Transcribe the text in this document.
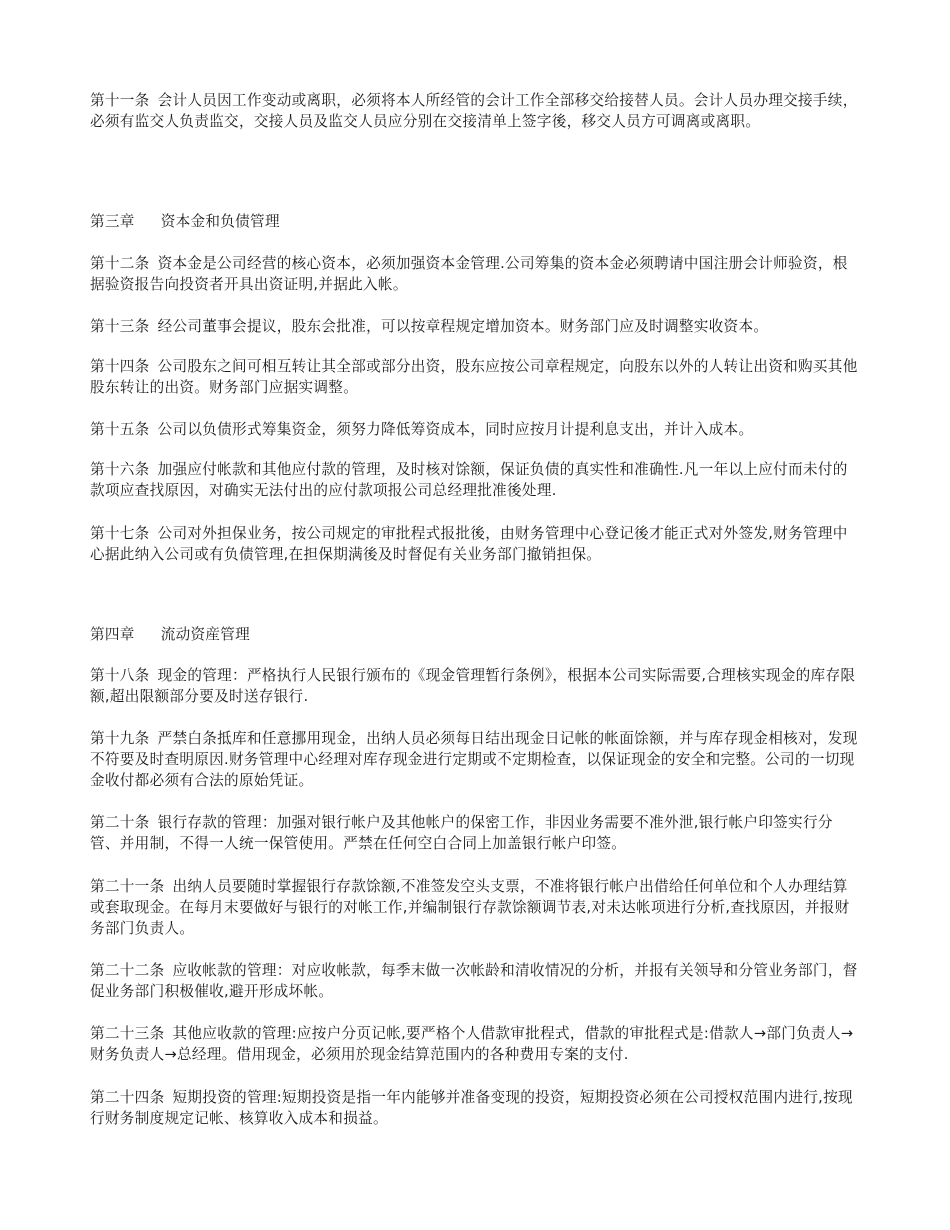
第十一条 会计人员因工作变动或离职，必须将本人所经管的会计工作全部移交给接替人员。会计人员办理交接手续，必须有监交人负责监交，交接人员及监交人员应分别在交接清单上签字後，移交人员方可调离或离职。

第三章 资本金和负债管理

第十二条 资本金是公司经营的核心资本，必须加强资本金管理.公司筹集的资本金必须聘请中国注册会计师验资，根据验资报告向投资者开具出资证明,并据此入帐。

第十三条 经公司董事会提议，股东会批准，可以按章程规定增加资本。财务部门应及时调整实收资本。

第十四条 公司股东之间可相互转让其全部或部分出资，股东应按公司章程规定，向股东以外的人转让出资和购买其他股东转让的出资。财务部门应据实调整。

第十五条 公司以负债形式筹集资金，须努力降低筹资成本，同时应按月计提利息支出，并计入成本。

第十六条 加强应付帐款和其他应付款的管理，及时核对馀额，保证负债的真实性和准确性.凡一年以上应付而未付的款项应查找原因，对确实无法付出的应付款项报公司总经理批准後处理.

第十七条 公司对外担保业务，按公司规定的审批程式报批後，由财务管理中心登记後才能正式对外签发,财务管理中心据此纳入公司或有负债管理,在担保期满後及时督促有关业务部门撤销担保。

第四章 流动资産管理

第十八条 现金的管理：严格执行人民银行颁布的《现金管理暂行条例》，根据本公司实际需要,合理核实现金的库存限额,超出限额部分要及时送存银行.

第十九条 严禁白条抵库和任意挪用现金，出纳人员必须每日结出现金日记帐的帐面馀额，并与库存现金相核对，发现不符要及时查明原因.财务管理中心经理对库存现金进行定期或不定期检查，以保证现金的安全和完整。公司的一切现金收付都必须有合法的原始凭证。

第二十条 银行存款的管理：加强对银行帐户及其他帐户的保密工作，非因业务需要不准外泄,银行帐户印签实行分管、并用制，不得一人统一保管使用。严禁在任何空白合同上加盖银行帐户印签。

第二十一条 出纳人员要随时掌握银行存款馀额,不准签发空头支票，不准将银行帐户出借给任何单位和个人办理结算或套取现金。在每月末要做好与银行的对帐工作,并编制银行存款馀额调节表,对未达帐项进行分析,查找原因，并报财务部门负责人。

第二十二条 应收帐款的管理：对应收帐款，每季末做一次帐龄和清收情况的分析，并报有关领导和分管业务部门，督促业务部门积极催收,避开形成坏帐。

第二十三条 其他应收款的管理:应按户分页记帐,要严格个人借款审批程式，借款的审批程式是:借款人→部门负责人→财务负责人→总经理。借用现金，必须用於现金结算范围内的各种费用专案的支付.

第二十四条 短期投资的管理:短期投资是指一年内能够并准备变现的投资，短期投资必须在公司授权范围内进行,按现行财务制度规定记帐、核算收入成本和损益。
